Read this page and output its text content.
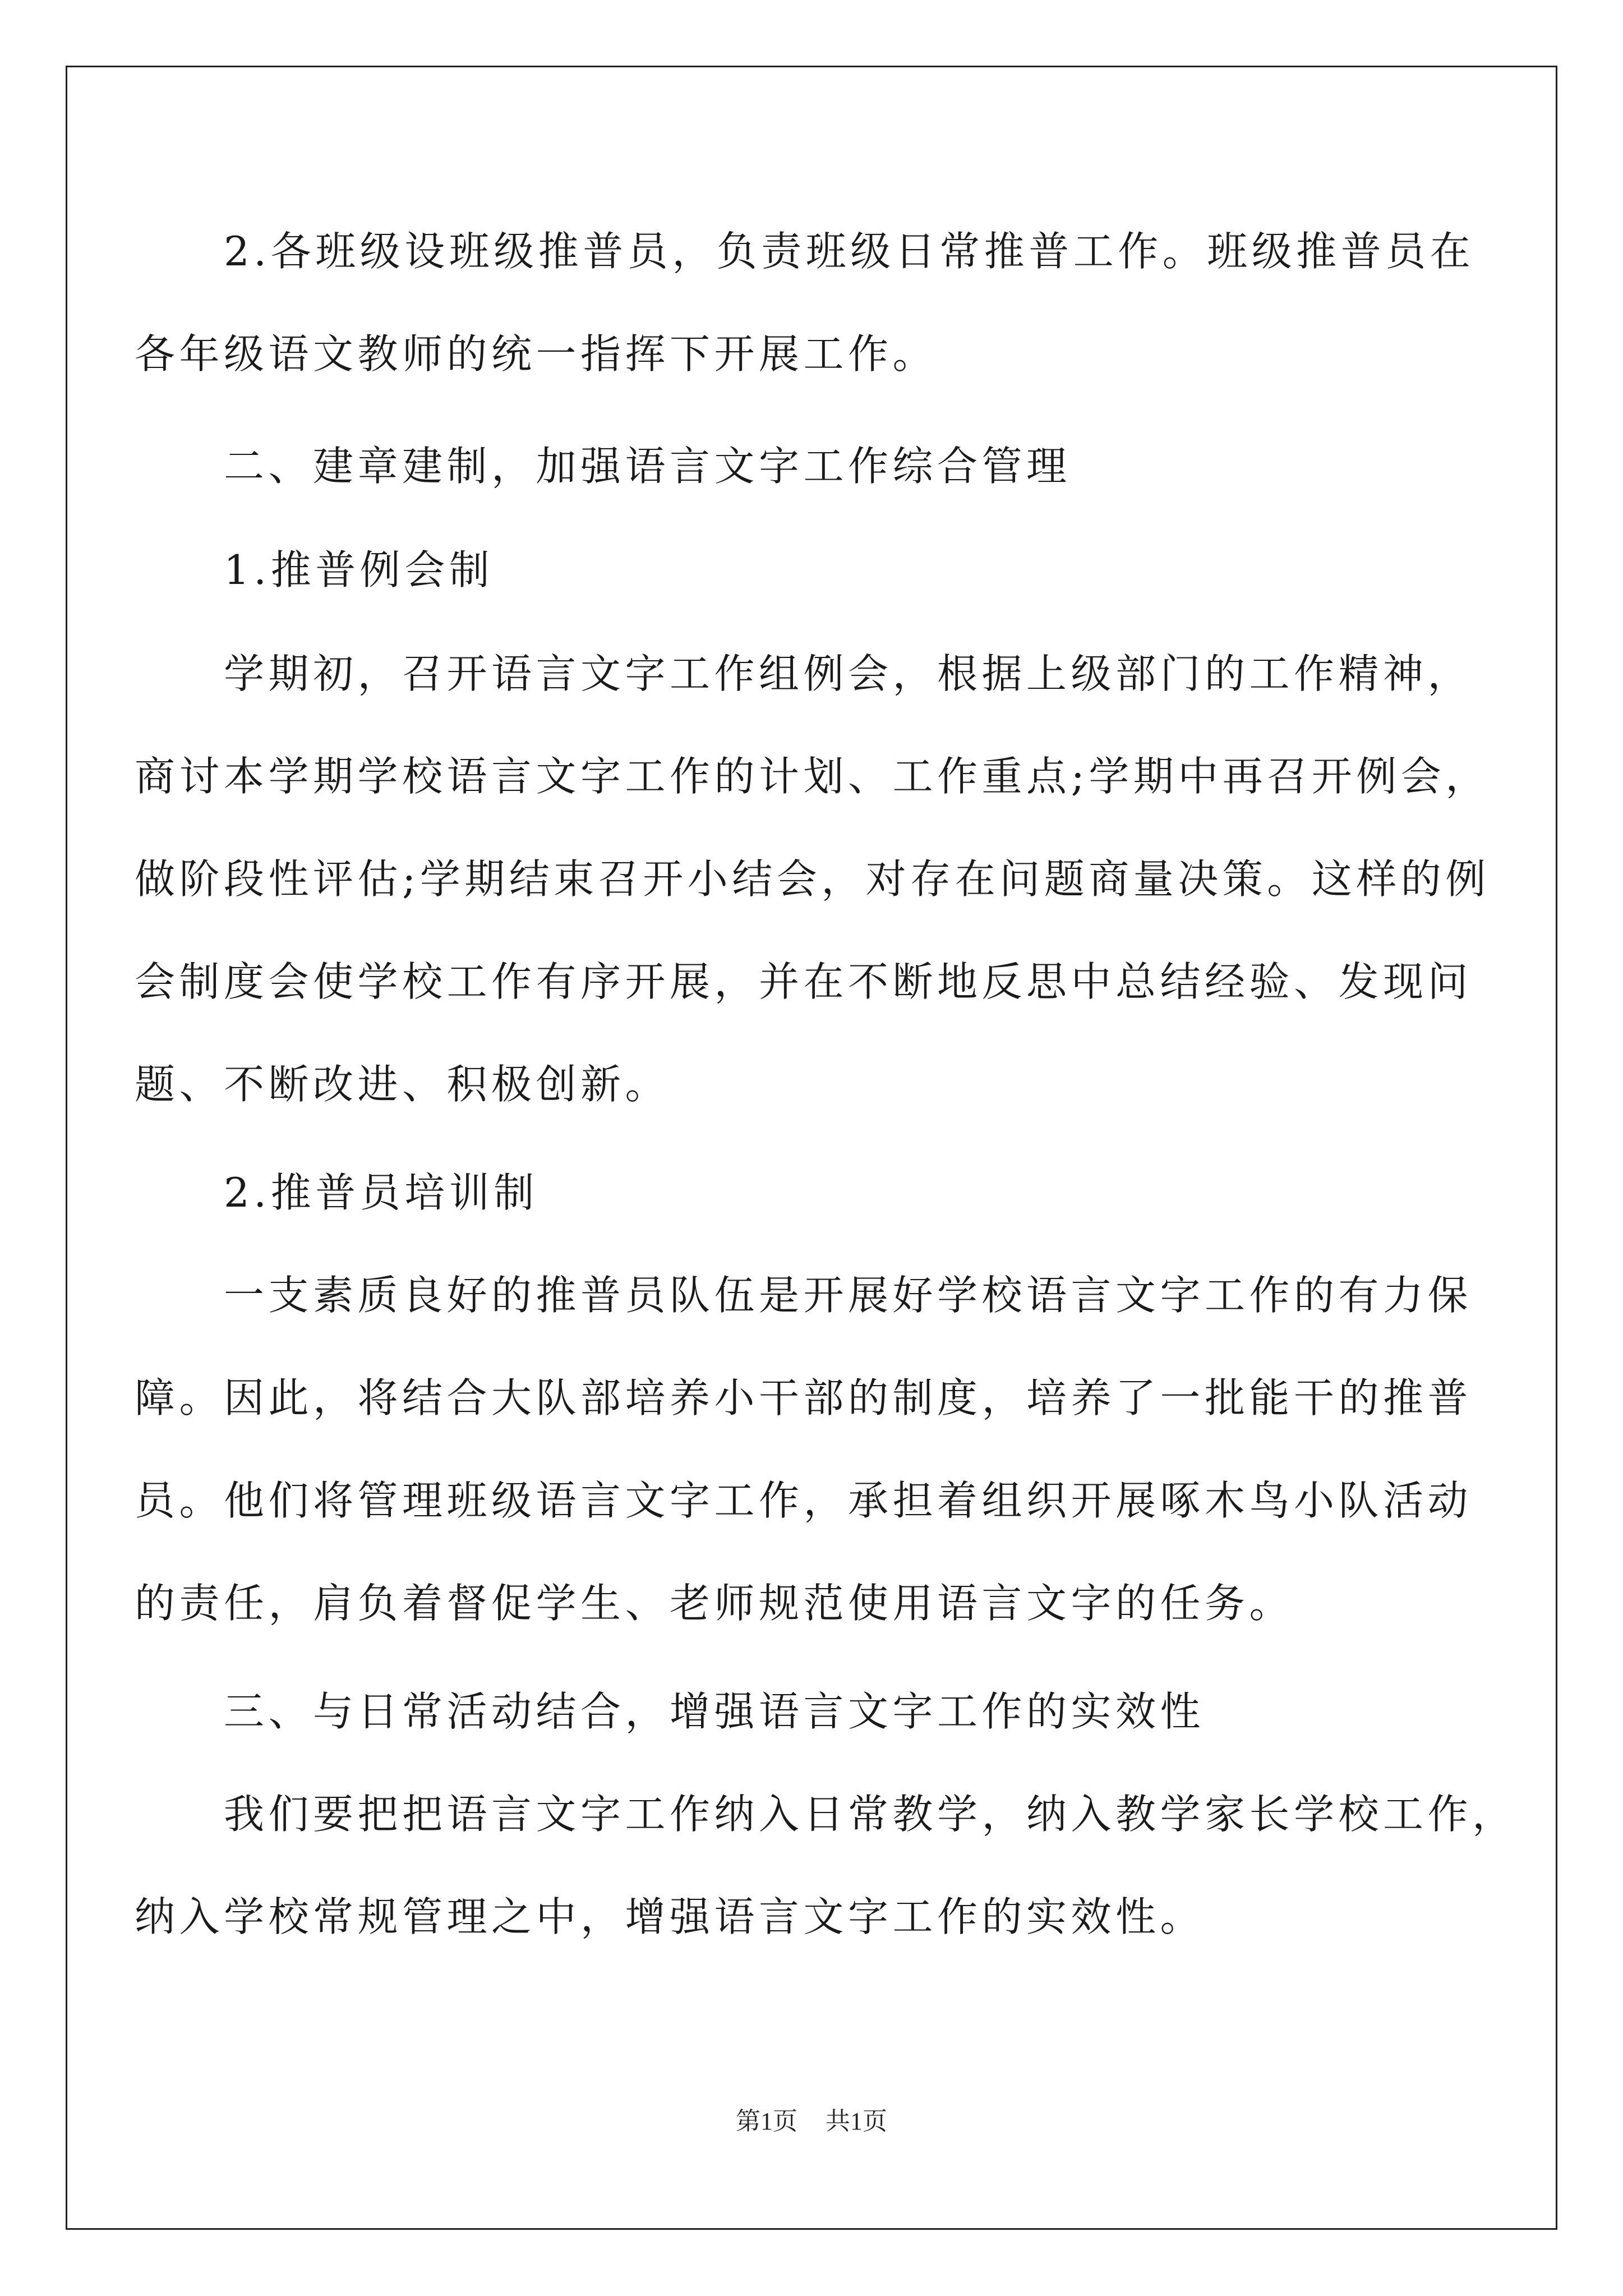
　　2.各班级设班级推普员，负责班级日常推普工作。班级推普员在

各年级语文教师的统一指挥下开展工作。

　　二、建章建制，加强语言文字工作综合管理

　　1.推普例会制

　　学期初，召开语言文字工作组例会，根据上级部门的工作精神，

商讨本学期学校语言文字工作的计划、工作重点;学期中再召开例会，

做阶段性评估;学期结束召开小结会，对存在问题商量决策。这样的例

会制度会使学校工作有序开展，并在不断地反思中总结经验、发现问

题、不断改进、积极创新。

　　2.推普员培训制

　　一支素质良好的推普员队伍是开展好学校语言文字工作的有力保

障。因此，将结合大队部培养小干部的制度，培养了一批能干的推普

员。他们将管理班级语言文字工作，承担着组织开展啄木鸟小队活动

的责任，肩负着督促学生、老师规范使用语言文字的任务。

　　三、与日常活动结合，增强语言文字工作的实效性

　　我们要把把语言文字工作纳入日常教学，纳入教学家长学校工作，

纳入学校常规管理之中，增强语言文字工作的实效性。

第1页 共1页
